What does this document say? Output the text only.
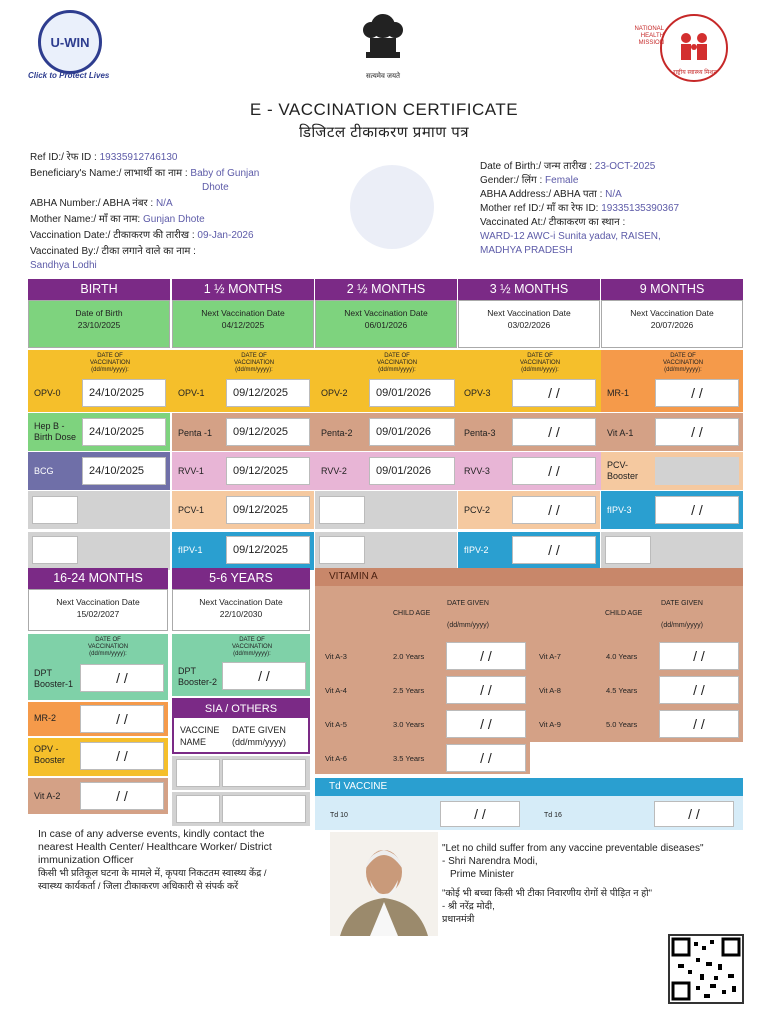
U-WIN
Click to Protect Lives	सत्यमेव जयते
NATIONAL HEALTH MISSION
राष्ट्रीय स्वास्थ्य मिशन
E - VACCINATION CERTIFICATE
डिजिटल टीकाकरण प्रमाण पत्र
Ref ID:/ रेफ ID : 19335912746130
Beneficiary's Name:/ लाभार्थी का नाम : Baby of Gunjan
Dhote
ABHA Number:/ ABHA नंबर : N/A
Mother Name:/ माँ का नाम: Gunjan Dhote
Vaccination Date:/ टीकाकरण की तारीख : 09-Jan-2026
Vaccinated By:/ टीका लगाने वाले का नाम :
Sandhya Lodhi
Date of Birth:/ जन्म तारीख : 23-OCT-2025
Gender:/ लिंग : Female
ABHA Address:/ ABHA पता : N/A
Mother ref ID:/ माँ का रेफ ID: 19335135390367
Vaccinated At:/ टीकाकरण का स्थान :
WARD-12 AWC-i Sunita yadav, RAISEN,
MADHYA PRADESH
BIRTH
Date of Birth
23/10/2025
1 ½ MONTHS
Next Vaccination Date
04/12/2025
2 ½ MONTHS
Next Vaccination Date
06/01/2026
3 ½ MONTHS
Next Vaccination Date
03/02/2026
9 MONTHS
Next Vaccination Date
20/07/2026
DATE OF VACCINATION
(dd/mm/yyyy):
DATE OF VACCINATION
(dd/mm/yyyy):
DATE OF VACCINATION
(dd/mm/yyyy):
DATE OF VACCINATION
(dd/mm/yyyy):
DATE OF VACCINATION
(dd/mm/yyyy):
OPV-0	24/10/2025
Hep B - Birth Dose	24/10/2025
BCG	24/10/2025
OPV-1	09/12/2025
Penta -1	09/12/2025
RVV-1	09/12/2025
PCV-1	09/12/2025
fIPV-1	09/12/2025
OPV-2	09/01/2026
Penta-2	09/01/2026
RVV-2	09/01/2026
OPV-3	/ /
Penta-3	/ /
RVV-3	/ /
PCV-2	/ /
fIPV-2	/ /
MR-1	/ /
Vit A-1	/ /
PCV-Booster
fIPV-3	/ /
16-24 MONTHS
Next Vaccination Date
15/02/2027
DATE OF VACCINATION
(dd/mm/yyyy):
DPT Booster-1	/ /
MR-2	/ /
OPV - Booster	/ /
Vit A-2	/ /
5-6 YEARS
Next Vaccination Date
22/10/2030
DATE OF VACCINATION
(dd/mm/yyyy):
DPT Booster-2	/ /
SIA / OTHERS
VACCINE NAME
DATE GIVEN (dd/mm/yyyy)
VITAMIN A
CHILD AGE
DATE GIVEN
(dd/mm/yyyy)
CHILD AGE
DATE GIVEN
(dd/mm/yyyy)
Vit A-3	2.0 Years	/ /
Vit A-4	2.5 Years	/ /
Vit A-5	3.0 Years	/ /
Vit A-6	3.5 Years	/ /
Vit A-7	4.0 Years	/ /
Vit A-8	4.5 Years	/ /
Vit A-9	5.0 Years	/ /
Td VACCINE
Td 10	/ /	Td 16	/ /
In case of any adverse events, kindly contact the
nearest Health Center/ Healthcare Worker/ District
immunization Officer
किसी भी प्रतिकूल घटना के मामले में, कृपया निकटतम स्वास्थ्य केंद्र /
स्वास्थ्य कार्यकर्ता / जिला टीकाकरण अधिकारी से संपर्क करें
"Let no child suffer from any vaccine preventable diseases"
- Shri Narendra Modi,
Prime Minister
"कोई भी बच्चा किसी भी टीका निवारणीय रोगों से पीड़ित न हो"
- श्री नरेंद्र मोदी,
प्रधानमंत्री
